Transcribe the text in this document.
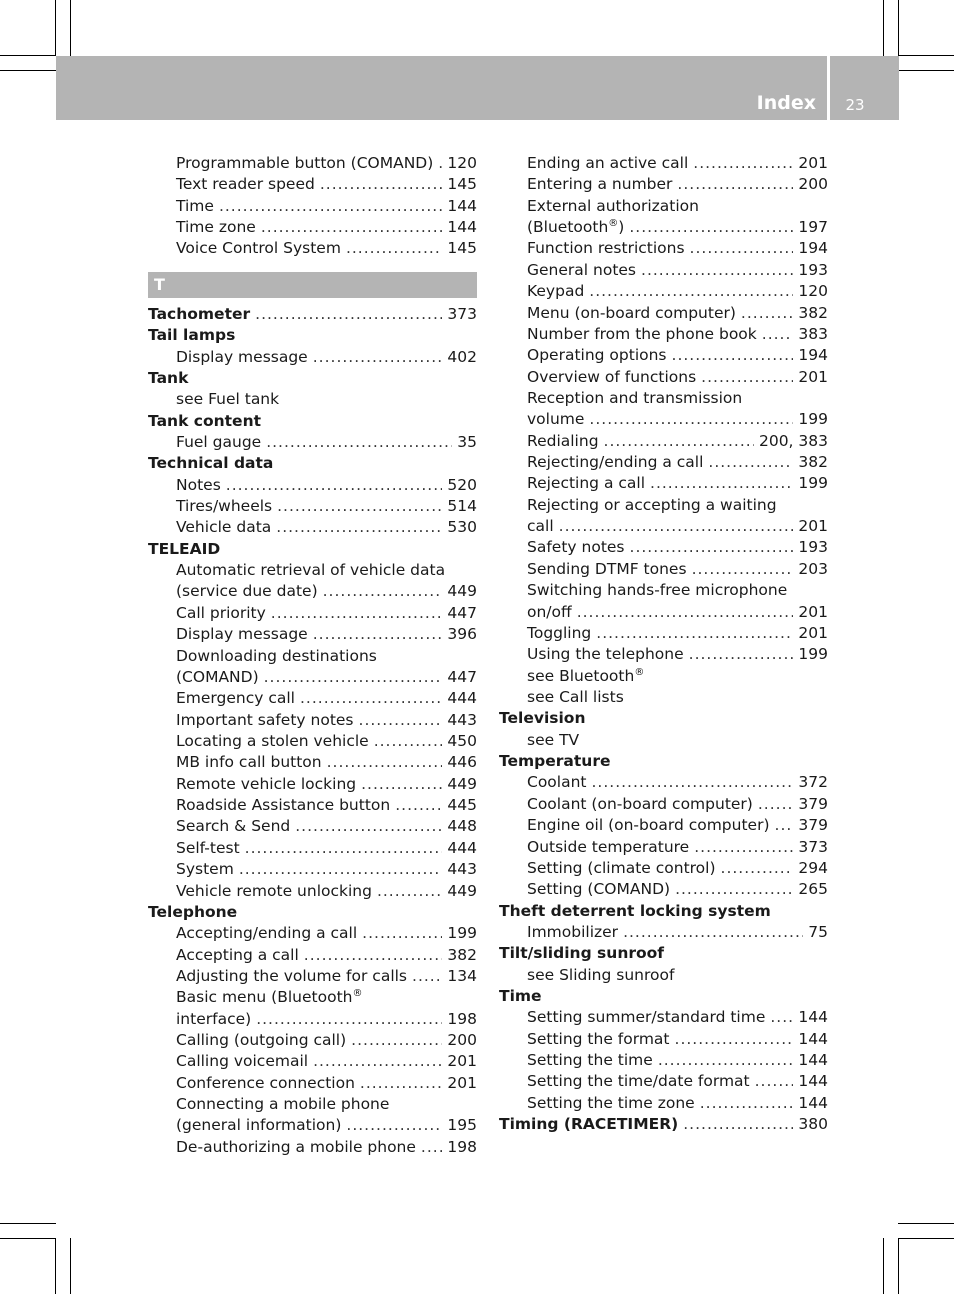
Index	23
Programmable button (COMAND) ..... 120
Text reader speed .....	145
Time .....	144
Time zone .....	144
Voice Control System .....	145
T
Tachometer .....	373
Tail lamps
Display message .....	402
Tank
see Fuel tank
Tank content
Fuel gauge .....	35
Technical data
Notes .....	520
Tires/wheels .....	514
Vehicle data .....	530
TELEAID
Automatic retrieval of vehicle data
(service due date) .....	449
Call priority .....	447
Display message .....	396
Downloading destinations
(COMAND) .....	447
Emergency call .....	444
Important safety notes .....	443
Locating a stolen vehicle .....	450
MB info call button .....	446
Remote vehicle locking .....	449
Roadside Assistance button .....	445
Search & Send .....	448
Self-test .....	444
System .....	443
Vehicle remote unlocking .....	449
Telephone
Accepting/ending a call .....	199
Accepting a call .....	382
Adjusting the volume for calls .....	134
Basic menu (Bluetooth®
interface) .....	198
Calling (outgoing call) .....	200
Calling voicemail .....	201
Conference connection .....	201
Connecting a mobile phone
(general information) .....	195
De-authorizing a mobile phone ..... 198
Ending an active call .....	201
Entering a number .....	200
External authorization
(Bluetooth®) .....	197
Function restrictions .....	194
General notes .....	193
Keypad .....	120
Menu (on-board computer) .....	382
Number from the phone book .....	383
Operating options .....	194
Overview of functions .....	201
Reception and transmission
volume .....	199
Redialing .....	200, 383
Rejecting/ending a call .....	382
Rejecting a call .....	199
Rejecting or accepting a waiting
call .....	201
Safety notes .....	193
Sending DTMF tones .....	203
Switching hands-free microphone
on/off .....	201
Toggling .....	201
Using the telephone .....	199
see Bluetooth®
see Call lists
Television
see TV
Temperature
Coolant .....	372
Coolant (on-board computer) .....	379
Engine oil (on-board computer) ..... 379
Outside temperature .....	373
Setting (climate control) .....	294
Setting (COMAND) .....	265
Theft deterrent locking system
Immobilizer .....	75
Tilt/sliding sunroof
see Sliding sunroof
Time
Setting summer/standard time ..... 144
Setting the format .....	144
Setting the time .....	144
Setting the time/date format .....	144
Setting the time zone .....	144
Timing (RACETIMER) .....	380
